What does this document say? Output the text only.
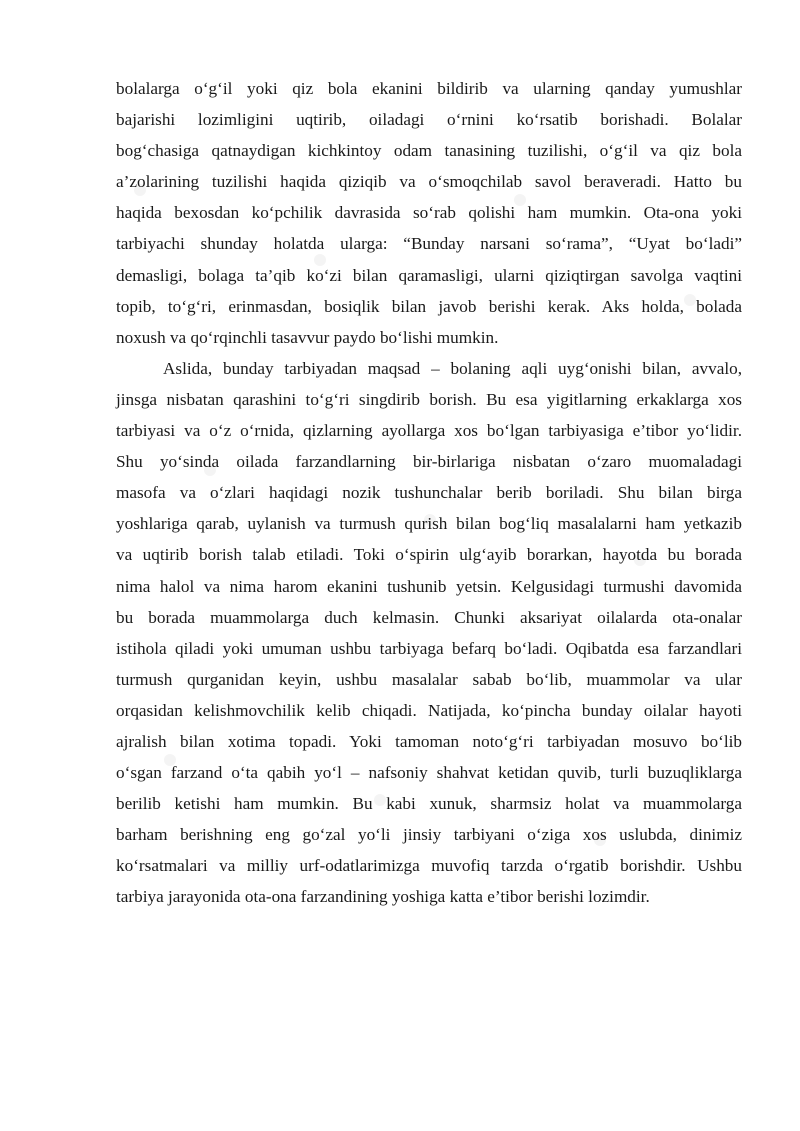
bolalarga o‘g‘il yoki qiz bola ekanini bildirib va ularning qanday yumushlar
bajarishi lozimligini uqtirib, oiladagi o‘rnini ko‘rsatib borishadi. Bolalar
bog‘chasiga qatnaydigan kichkintoy odam tanasining tuzilishi, o‘g‘il va qiz bola
a’zolarining tuzilishi haqida qiziqib va o‘smoqchilab savol beraveradi. Hatto bu
haqida bexosdan ko‘pchilik davrasida so‘rab qolishi ham mumkin. Ota-ona yoki
tarbiyachi shunday holatda ularga: “Bunday narsani so‘rama”, “Uyat bo‘ladi”
demasligi, bolaga ta’qib ko‘zi bilan qaramasligi, ularni qiziqtirgan savolga vaqtini
topib, to‘g‘ri, erinmasdan, bosiqlik bilan javob berishi kerak. Aks holda, bolada
noxush va qo‘rqinchli tasavvur paydo bo‘lishi mumkin.
Aslida, bunday tarbiyadan maqsad – bolaning aqli uyg‘onishi bilan, avvalo,
jinsga nisbatan qarashini to‘g‘ri singdirib borish. Bu esa yigitlarning erkaklarga xos
tarbiyasi va o‘z o‘rnida, qizlarning ayollarga xos bo‘lgan tarbiyasiga e’tibor yo‘lidir.
Shu yo‘sinda oilada farzandlarning bir-birlariga nisbatan o‘zaro muomaladagi
masofa va o‘zlari haqidagi nozik tushunchalar berib boriladi. Shu bilan birga
yoshlariga qarab, uylanish va turmush qurish bilan bog‘liq masalalarni ham yetkazib
va uqtirib borish talab etiladi. Toki o‘spirin ulg‘ayib borarkan, hayotda bu borada
nima halol va nima harom ekanini tushunib yetsin. Kelgusidagi turmushi davomida
bu borada muammolarga duch kelmasin. Chunki aksariyat oilalarda ota-onalar
istihola qiladi yoki umuman ushbu tarbiyaga befarq bo‘ladi. Oqibatda esa farzandlari
turmush qurganidan keyin, ushbu masalalar sabab bo‘lib, muammolar va ular
orqasidan kelishmovchilik kelib chiqadi. Natijada, ko‘pincha bunday oilalar hayoti
ajralish bilan xotima topadi. Yoki tamoman noto‘g‘ri tarbiyadan mosuvo bo‘lib
o‘sgan farzand o‘ta qabih yo‘l – nafsoniy shahvat ketidan quvib, turli buzuqliklarga
berilib ketishi ham mumkin. Bu kabi xunuk, sharmsiz holat va muammolarga
barham berishning eng go‘zal yo‘li jinsiy tarbiyani o‘ziga xos uslubda, dinimiz
ko‘rsatmalari va milliy urf-odatlarimizga muvofiq tarzda o‘rgatib borishdir. Ushbu
tarbiya jarayonida ota-ona farzandining yoshiga katta e’tibor berishi lozimdir.
